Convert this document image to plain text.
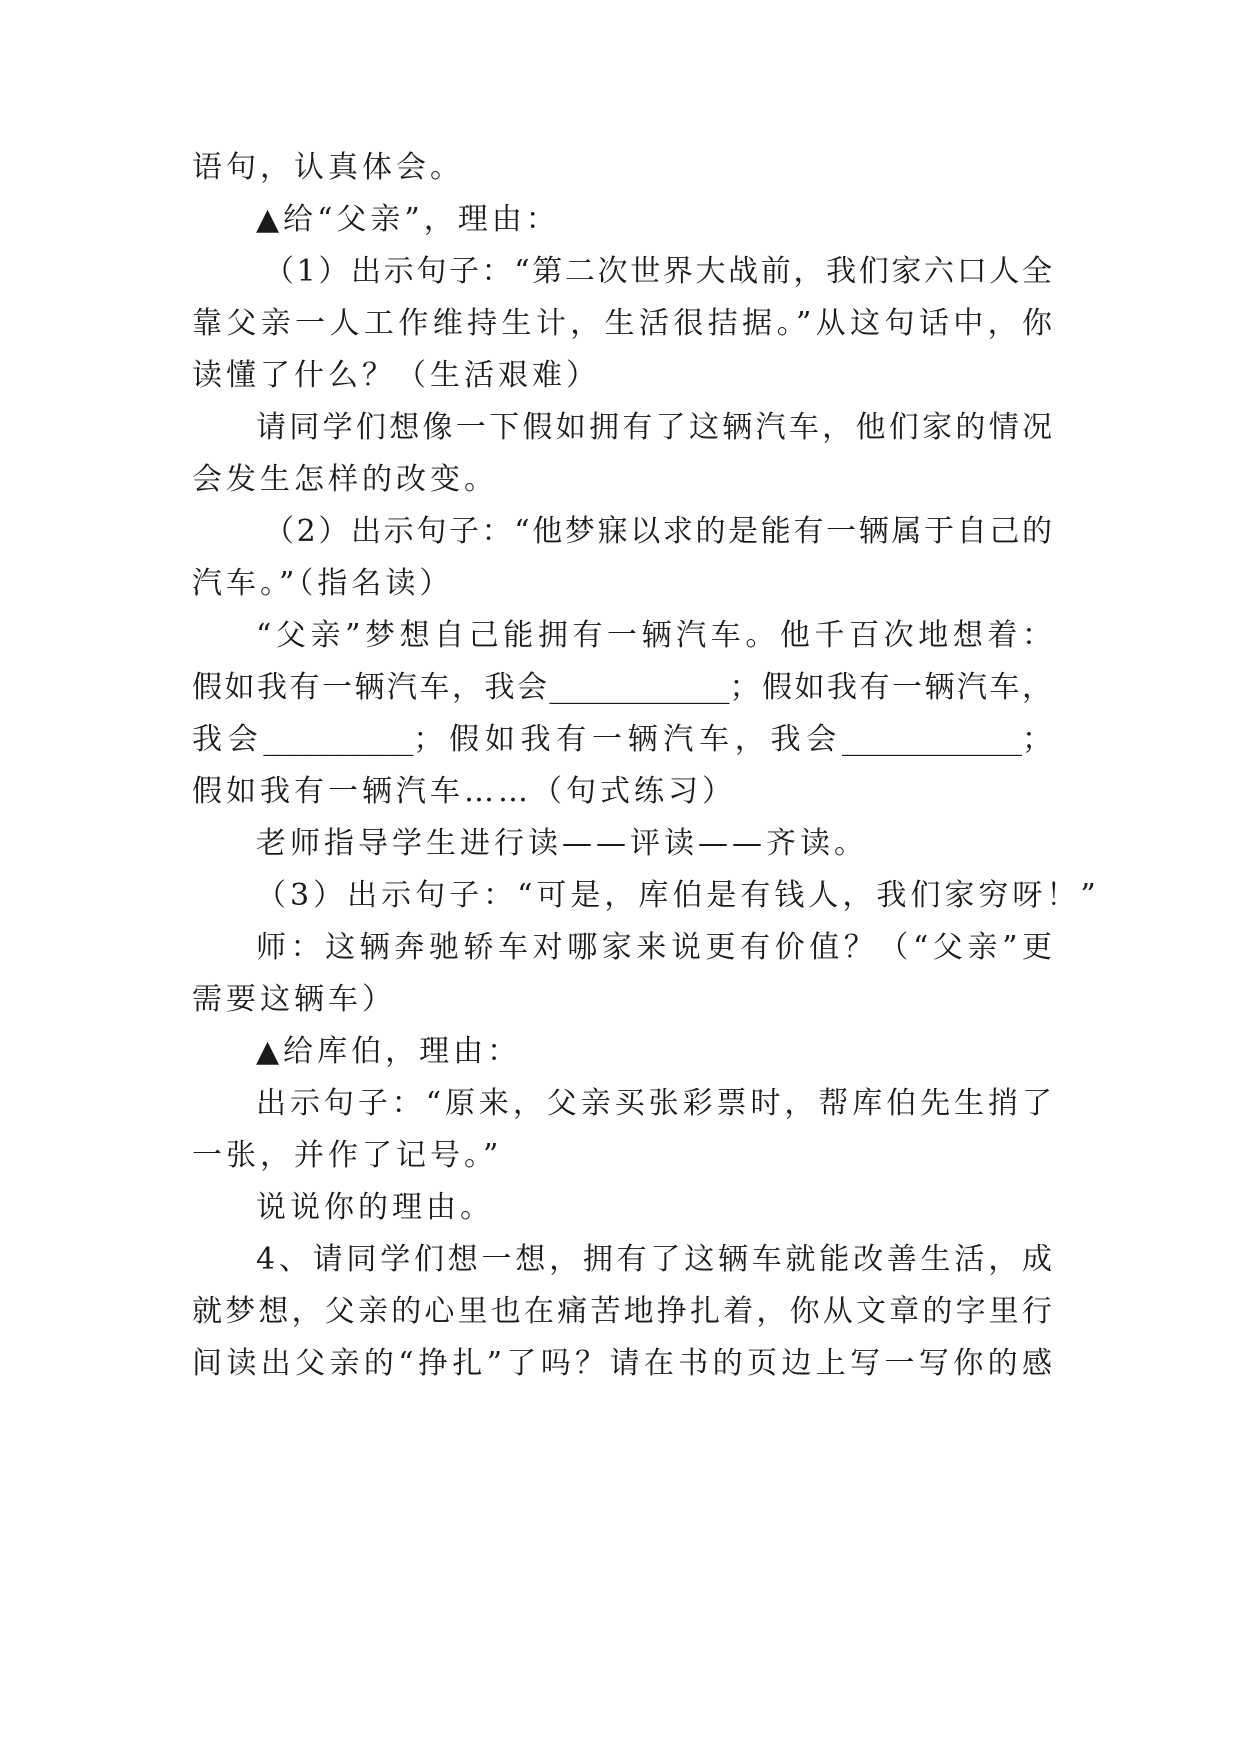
语句，认真体会。
▲给“父亲”，理由：
（1）出示句子：“第二次世界大战前，我们家六口人全
靠父亲一人工作维持生计，生活很拮据。”从这句话中，你
读懂了什么？（生活艰难）
请同学们想像一下假如拥有了这辆汽车，他们家的情况
会发生怎样的改变。
（2）出示句子：“他梦寐以求的是能有一辆属于自己的
汽车。”（指名读）
“父亲”梦想自己能拥有一辆汽车。他千百次地想着：
假如我有一辆汽车，我会____________；假如我有一辆汽车，
我会__________；假如我有一辆汽车，我会____________；
假如我有一辆汽车……（句式练习）
老师指导学生进行读——评读——齐读。
（3）出示句子：“可是，库伯是有钱人，我们家穷呀！”
师：这辆奔驰轿车对哪家来说更有价值？（“父亲”更
需要这辆车）
▲给库伯，理由：
出示句子：“原来，父亲买张彩票时，帮库伯先生捎了
一张，并作了记号。”
说说你的理由。
4、请同学们想一想，拥有了这辆车就能改善生活，成
就梦想，父亲的心里也在痛苦地挣扎着，你从文章的字里行
间读出父亲的“挣扎”了吗？请在书的页边上写一写你的感
